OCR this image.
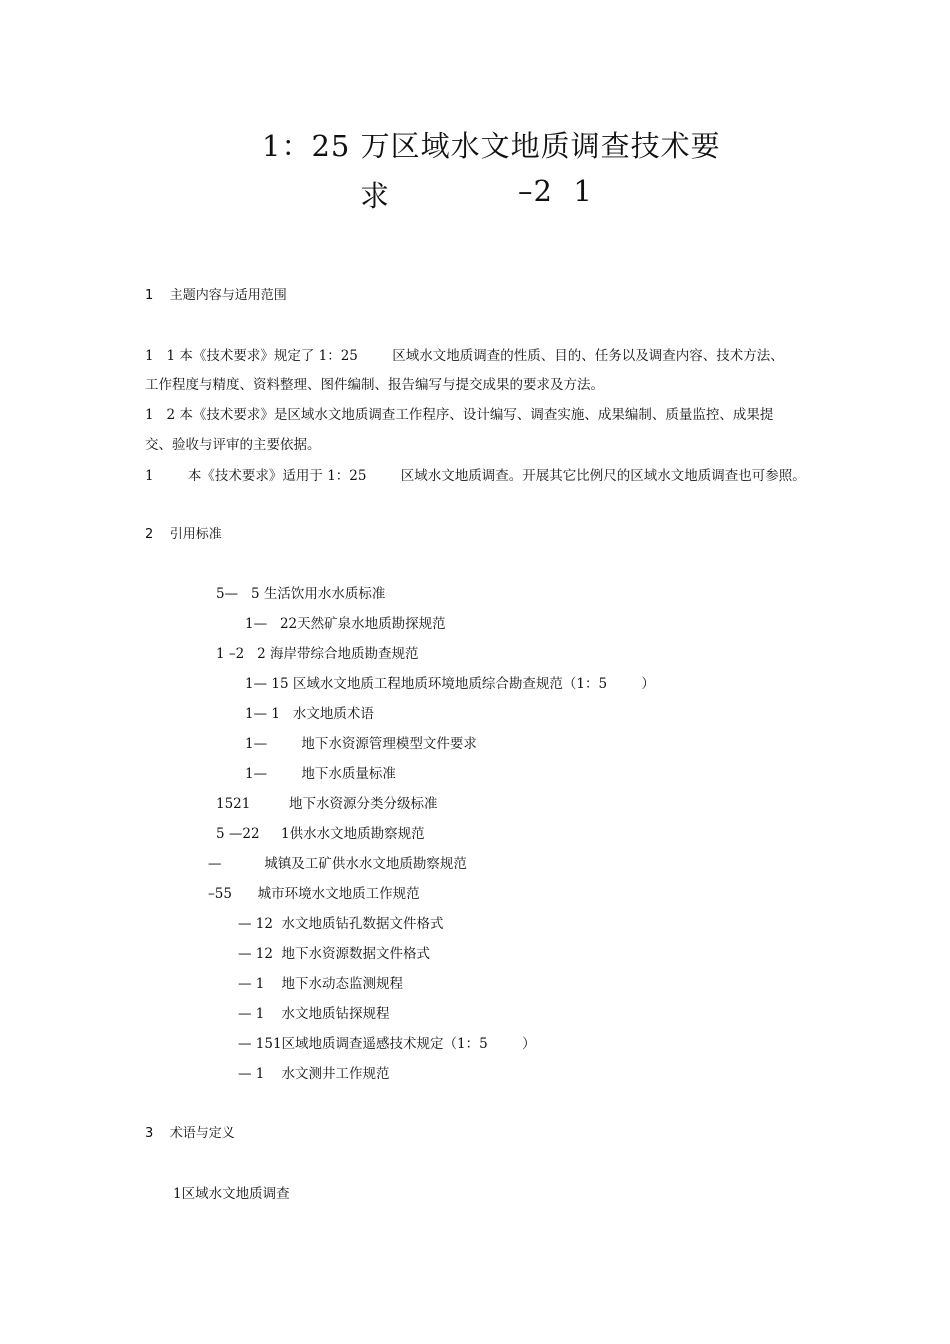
1：25 万区域水文地质调查技术要
求	–2  1
1    主题内容与适用范围
1   1 本《技术要求》规定了 1：25        区域水文地质调查的性质、目的、任务以及调查内容、技术方法、
工作程度与精度、资料整理、图件编制、报告编写与提交成果的要求及方法。
1   2 本《技术要求》是区域水文地质调查工作程序、设计编写、调查实施、成果编制、质量监控、成果提
交、验收与评审的主要依据。
1        本《技术要求》适用于 1：25        区域水文地质调查。开展其它比例尺的区域水文地质调查也可参照。
2    引用标准
5—   5 生活饮用水水质标准
1—   22天然矿泉水地质勘探规范
1 –2   2 海岸带综合地质勘查规范
1— 15 区域水文地质工程地质环境地质综合勘查规范（1：5        ）
1— 1   水文地质术语
1—        地下水资源管理模型文件要求
1—        地下水质量标准
1521         地下水资源分类分级标准
5 —22     1供水水文地质勘察规范
—          城镇及工矿供水水文地质勘察规范
–55      城市环境水文地质工作规范
— 12  水文地质钻孔数据文件格式
— 12  地下水资源数据文件格式
— 1    地下水动态监测规程
— 1    水文地质钻探规程
— 151区域地质调查遥感技术规定（1：5        ）
— 1    水文测井工作规范
3    术语与定义
1区域水文地质调查
